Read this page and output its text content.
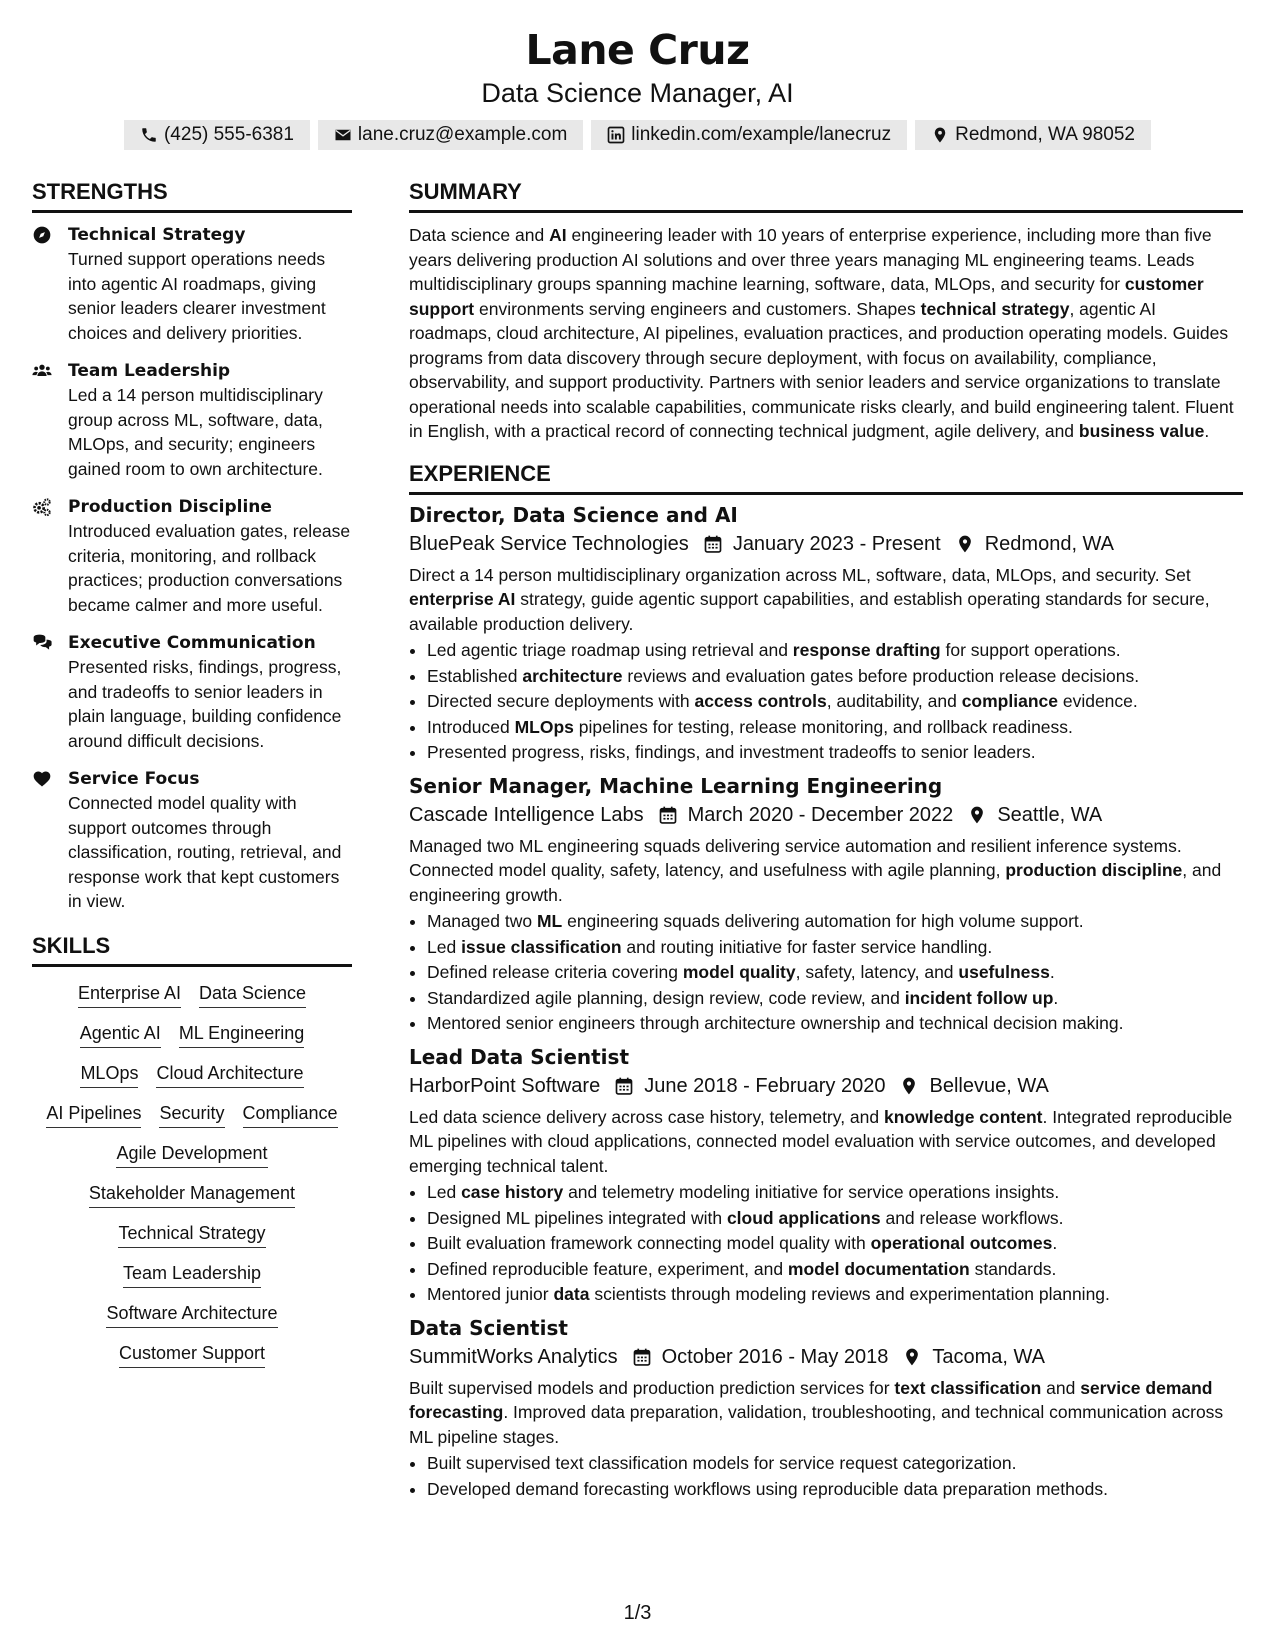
Lane Cruz
Data Science Manager, AI
(425) 555-6381	lane.cruz@example.com	linkedin.com/example/lanecruz	Redmond, WA 98052
STRENGTHS
Technical Strategy
Turned support operations needs into agentic AI roadmaps, giving senior leaders clearer investment choices and delivery priorities.
Team Leadership
Led a 14 person multidisciplinary group across ML, software, data, MLOps, and security; engineers gained room to own architecture.
Production Discipline
Introduced evaluation gates, release criteria, monitoring, and rollback practices; production conversations became calmer and more useful.
Executive Communication
Presented risks, findings, progress, and tradeoffs to senior leaders in plain language, building confidence around difficult decisions.
Service Focus
Connected model quality with support outcomes through classification, routing, retrieval, and response work that kept customers in view.
SKILLS
Enterprise AI Data Science
Agentic AI ML Engineering
MLOps Cloud Architecture
AI Pipelines Security Compliance
Agile Development
Stakeholder Management
Technical Strategy
Team Leadership
Software Architecture
Customer Support
SUMMARY
Data science and AI engineering leader with 10 years of enterprise experience, including more than five years delivering production AI solutions and over three years managing ML engineering teams. Leads multidisciplinary groups spanning machine learning, software, data, MLOps, and security for customer support environments serving engineers and customers. Shapes technical strategy, agentic AI roadmaps, cloud architecture, AI pipelines, evaluation practices, and production operating models. Guides programs from data discovery through secure deployment, with focus on availability, compliance, observability, and support productivity. Partners with senior leaders and service organizations to translate operational needs into scalable capabilities, communicate risks clearly, and build engineering talent. Fluent in English, with a practical record of connecting technical judgment, agile delivery, and business value.
EXPERIENCE
Director, Data Science and AI
BluePeak Service Technologies January 2023 - Present Redmond, WA
Direct a 14 person multidisciplinary organization across ML, software, data, MLOps, and security. Set enterprise AI strategy, guide agentic support capabilities, and establish operating standards for secure, available production delivery.
• Led agentic triage roadmap using retrieval and response drafting for support operations.
• Established architecture reviews and evaluation gates before production release decisions.
• Directed secure deployments with access controls, auditability, and compliance evidence.
• Introduced MLOps pipelines for testing, release monitoring, and rollback readiness.
• Presented progress, risks, findings, and investment tradeoffs to senior leaders.
Senior Manager, Machine Learning Engineering
Cascade Intelligence Labs March 2020 - December 2022 Seattle, WA
Managed two ML engineering squads delivering service automation and resilient inference systems. Connected model quality, safety, latency, and usefulness with agile planning, production discipline, and engineering growth.
• Managed two ML engineering squads delivering automation for high volume support.
• Led issue classification and routing initiative for faster service handling.
• Defined release criteria covering model quality, safety, latency, and usefulness.
• Standardized agile planning, design review, code review, and incident follow up.
• Mentored senior engineers through architecture ownership and technical decision making.
Lead Data Scientist
HarborPoint Software June 2018 - February 2020 Bellevue, WA
Led data science delivery across case history, telemetry, and knowledge content. Integrated reproducible ML pipelines with cloud applications, connected model evaluation with service outcomes, and developed emerging technical talent.
• Led case history and telemetry modeling initiative for service operations insights.
• Designed ML pipelines integrated with cloud applications and release workflows.
• Built evaluation framework connecting model quality with operational outcomes.
• Defined reproducible feature, experiment, and model documentation standards.
• Mentored junior data scientists through modeling reviews and experimentation planning.
Data Scientist
SummitWorks Analytics October 2016 - May 2018 Tacoma, WA
Built supervised models and production prediction services for text classification and service demand forecasting. Improved data preparation, validation, troubleshooting, and technical communication across ML pipeline stages.
• Built supervised text classification models for service request categorization.
• Developed demand forecasting workflows using reproducible data preparation methods.
1/3
